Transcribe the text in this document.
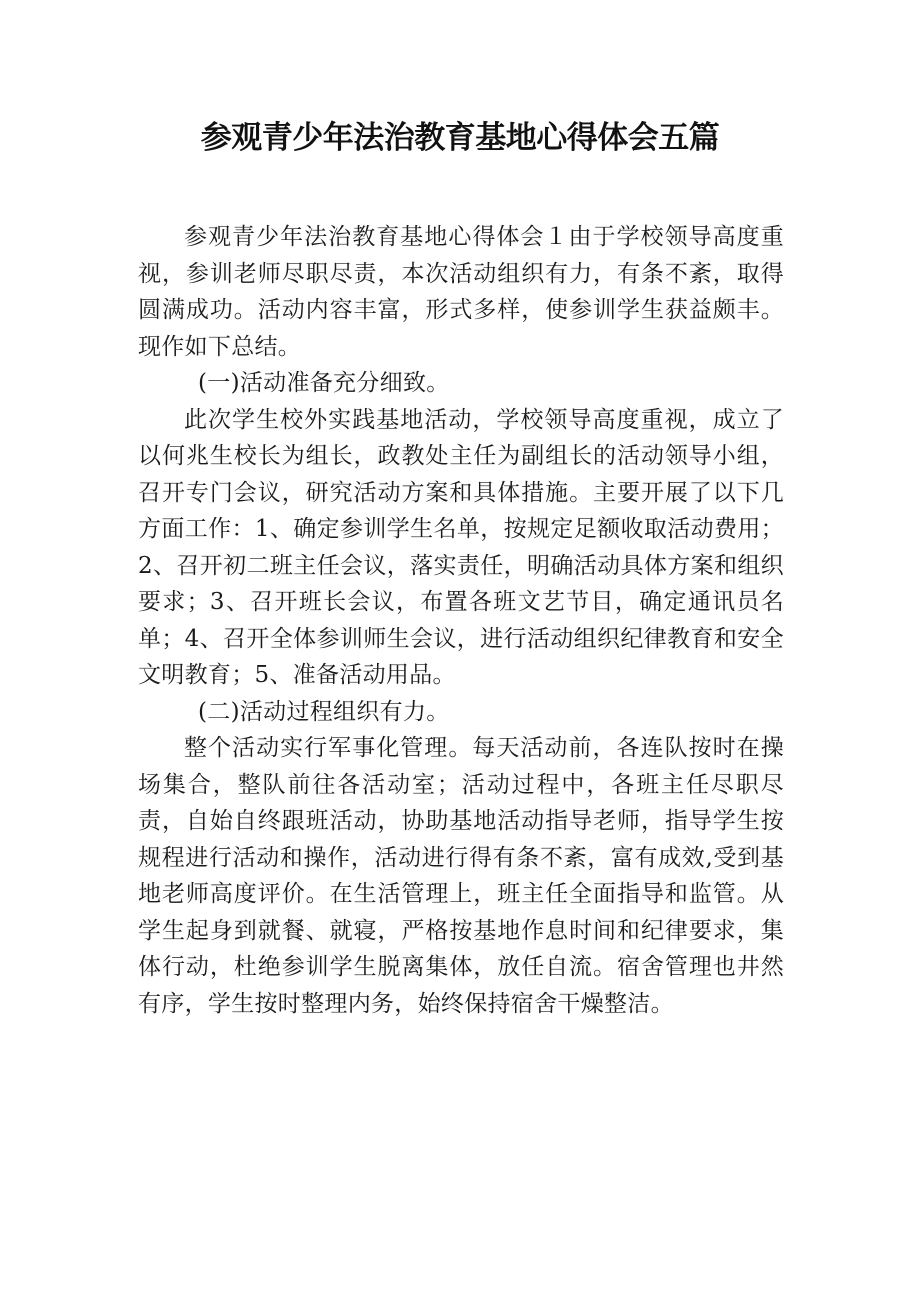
参观青少年法治教育基地心得体会五篇

参观青少年法治教育基地心得体会１由于学校领导高度重视，参训老师尽职尽责，本次活动组织有力，有条不紊，取得圆满成功。活动内容丰富，形式多样，使参训学生获益颇丰。现作如下总结。

(一)活动准备充分细致。

此次学生校外实践基地活动，学校领导高度重视，成立了以何兆生校长为组长，政教处主任为副组长的活动领导小组，召开专门会议，研究活动方案和具体措施。主要开展了以下几方面工作：1、确定参训学生名单，按规定足额收取活动费用；2、召开初二班主任会议，落实责任，明确活动具体方案和组织要求；3、召开班长会议，布置各班文艺节目，确定通讯员名单；4、召开全体参训师生会议，进行活动组织纪律教育和安全文明教育；5、准备活动用品。

(二)活动过程组织有力。

整个活动实行军事化管理。每天活动前，各连队按时在操场集合，整队前往各活动室；活动过程中，各班主任尽职尽责，自始自终跟班活动，协助基地活动指导老师，指导学生按规程进行活动和操作，活动进行得有条不紊，富有成效,受到基地老师高度评价。在生活管理上，班主任全面指导和监管。从学生起身到就餐、就寝，严格按基地作息时间和纪律要求，集体行动，杜绝参训学生脱离集体，放任自流。宿舍管理也井然有序，学生按时整理内务，始终保持宿舍干燥整洁。
